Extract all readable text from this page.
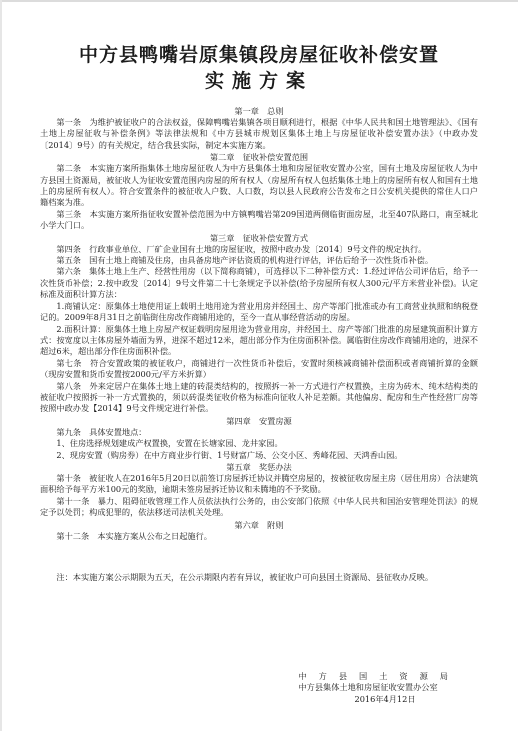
中方县鸭嘴岩原集镇段房屋征收补偿安置
实施方案

第一章　总则

第一条　为维护被征收户的合法权益，保障鸭嘴岩集镇各项目顺利进行，根据《中华人民共和国土地管理法》、《国有土地上房屋征收与补偿条例》等法律法规和《中方县城市规划区集体土地上与房屋征收补偿安置办法》（中政办发〔2014〕9号）的有关规定，结合我县实际，制定本实施方案。

第二章　征收补偿安置范围

第二条　本实施方案所指集体土地房屋征收人为中方县集体土地和房屋征收安置办公室，国有土地及房屋征收人为中方县国土资源局，被征收人为征收安置范围内房屋的所有权人（房屋所有权人包括集体土地上的房屋所有权人和国有土地上的房屋所有权人）。符合安置条件的被征收人户数、人口数，均以县人民政府公告发布之日公安机关提供的常住人口户籍档案为准。

第三条　本实施方案所指征收安置补偿范围为中方镇鸭嘴岩第209国道两侧临街面房屋，北至407队路口，南至城北小学大门口。

第三章　征收补偿安置方式

第四条　行政事业单位、厂矿企业国有土地的房屋征收，按照中政办发〔2014〕9号文件的规定执行。

第五条　国有土地上商铺及住房，由具备房地产评估资质的机构进行评估，评估后给予一次性货币补偿。

第六条　集体土地上生产、经营性用房（以下简称商铺），可选择以下二种补偿方式：1.经过评估公司评估后，给予一次性货币补偿；2.按中政发〔2014〕9号文件第二十七条规定予以补偿(给予房屋所有权人300元/平方米营业补偿)。认定标准及面积计算方法：

1.商铺认定：原集体土地使用证上载明土地用途为营业用房并经国土、房产等部门批准或办有工商营业执照和纳税登记的。2009年8月31日之前临街住房改作商铺用途的，至今一直从事经营活动的房屋。

2.面积计算：原集体土地上房屋产权证载明房屋用途为营业用房，并经国土、房产等部门批准的房屋建筑面积计算方式：按宽度以主体房屋外墙面为界，进深不超过12米，超出部分作为住房面积补偿。属临街住房改作商铺用途的，进深不超过6米，超出部分作住房面积补偿。

第七条　符合安置政策的被征收户，商铺进行一次性货币补偿后，安置时须核减商铺补偿面积或者商铺折算的金额（现房安置和货币安置按2000元/平方米折算）

第八条　外来定居户在集体土地上建的砖混类结构的，按照拆一补一方式进行产权置换，主房为砖木、纯木结构类的被征收户按照拆一补一方式置换的，须以砖混类征收价格为标准向征收人补足差额。其他偏房、配房和生产性经营厂房等按照中政办发【2014】9号文件规定进行补偿。

第四章　安置房源

第九条　具体安置地点：

1、住房选择规划建成产权置换，安置在长塘家园、龙井家园。

2、现房安置（购房券）在中方商业步行街、1号财富广场、公交小区、秀峰花园、天鸿香山园。

第五章　奖惩办法

第十条　被征收人在2016年5月20日以前签订房屋拆迁协议并腾空房屋的，按被征收房屋主房（居住用房）合法建筑面积给予每平方米100元的奖励，逾期未签房屋拆迁协议和未腾地的不予奖励。

第十一条　暴力、阻碍征收管理工作人员依法执行公务的，由公安部门依照《中华人民共和国治安管理处罚法》的规定予以处罚；构成犯罪的，依法移送司法机关处理。

第六章　附则

第十二条　本实施方案从公布之日起施行。

注：本实施方案公示期限为五天，在公示期限内若有异议，被征收户可向县国土资源局、县征收办反映。

中方县国土资源局
中方县集体土地和房屋征收安置办公室
2016年4月12日
